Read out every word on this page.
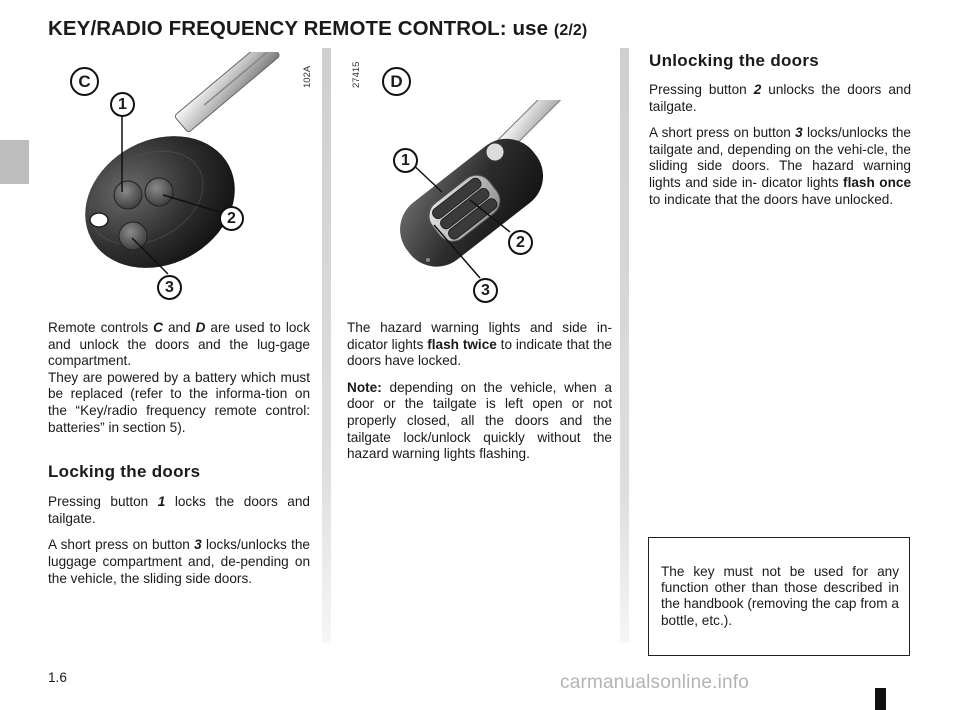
KEY/RADIO FREQUENCY REMOTE CONTROL: use (2/2)
C
1
2
3
102A	D
1
2
3
27415

Remote controls C and D are used to lock and unlock the doors and the lug-gage compartment.
They are powered by a battery which must be replaced (refer to the informa-tion on the “Key/radio frequency remote control: batteries” in section 5).

Locking the doors

Pressing button 1 locks the doors and tailgate.

A short press on button 3 locks/unlocks the luggage compartment and, de-pending on the vehicle, the sliding side doors.

The hazard warning lights and side in-dicator lights flash twice to indicate that the doors have locked.

Note: depending on the vehicle, when a door or the tailgate is left open or not properly closed, all the doors and the tailgate lock/unlock quickly without the hazard warning lights flashing.

Unlocking the doors

Pressing button 2 unlocks the doors and tailgate.

A short press on button 3 locks/unlocks the tailgate and, depending on the vehi-cle, the sliding side doors. The hazard warning lights and side in- dicator lights flash once to indicate that the doors have unlocked.

The key must not be used for any function other than those described in the handbook (removing the cap from a bottle, etc.).

1.6	carmanualsonline.info
